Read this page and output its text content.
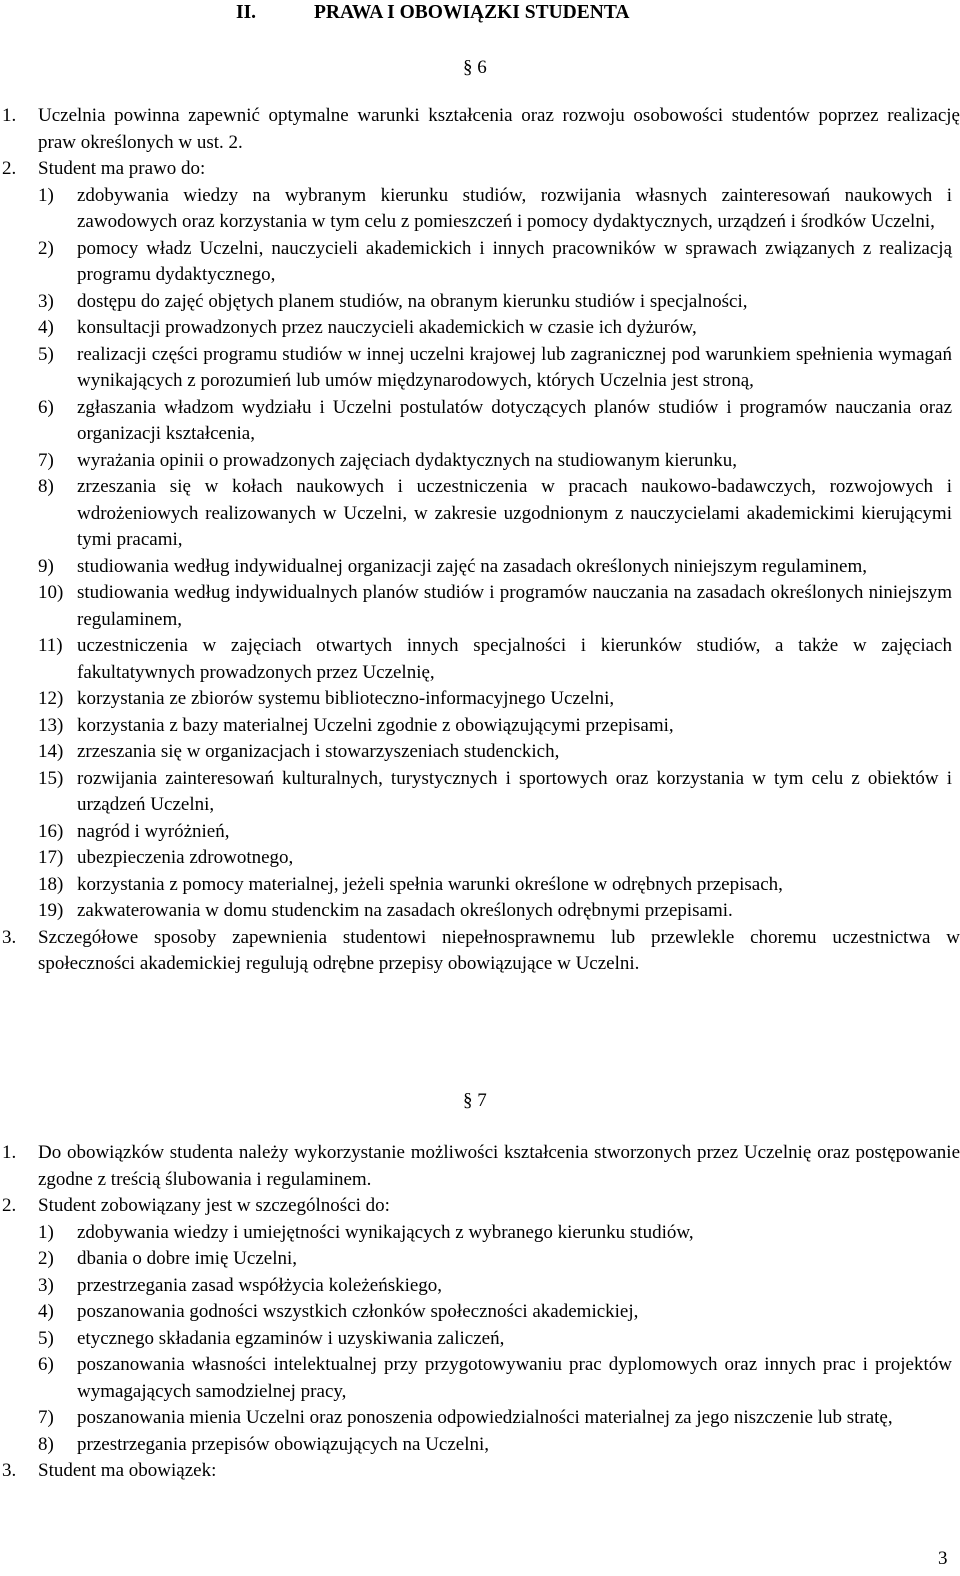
II.	PRAWA I OBOWIĄZKI STUDENTA
§ 6
1. Uczelnia powinna zapewnić optymalne warunki kształcenia oraz rozwoju osobowości studentów poprzez realizację praw określonych w ust. 2.
2. Student ma prawo do:
1) zdobywania wiedzy na wybranym kierunku studiów, rozwijania własnych zainteresowań naukowych i zawodowych oraz korzystania w tym celu z pomieszczeń i pomocy dydaktycznych, urządzeń i środków Uczelni,
2) pomocy władz Uczelni, nauczycieli akademickich i innych pracowników w sprawach związanych z realizacją programu dydaktycznego,
3) dostępu do zajęć objętych planem studiów, na obranym kierunku studiów i specjalności,
4) konsultacji prowadzonych przez nauczycieli akademickich w czasie ich dyżurów,
5) realizacji części programu studiów w innej uczelni krajowej lub zagranicznej pod warunkiem spełnienia wymagań wynikających z porozumień lub umów międzynarodowych, których Uczelnia jest stroną,
6) zgłaszania władzom wydziału i Uczelni postulatów dotyczących planów studiów i programów nauczania oraz organizacji kształcenia,
7) wyrażania opinii o prowadzonych zajęciach dydaktycznych na studiowanym kierunku,
8) zrzeszania się w kołach naukowych i uczestniczenia w pracach naukowo-badawczych, rozwojowych i wdrożeniowych realizowanych w Uczelni, w zakresie uzgodnionym z nauczycielami akademickimi kierującymi tymi pracami,
9) studiowania według indywidualnej organizacji zajęć na zasadach określonych niniejszym regulaminem,
10) studiowania według indywidualnych planów studiów i programów nauczania na zasadach określonych niniejszym regulaminem,
11) uczestniczenia w zajęciach otwartych innych specjalności i kierunków studiów, a także w zajęciach fakultatywnych prowadzonych przez Uczelnię,
12) korzystania ze zbiorów systemu biblioteczno-informacyjnego Uczelni,
13) korzystania z bazy materialnej Uczelni zgodnie z obowiązującymi przepisami,
14) zrzeszania się w organizacjach i stowarzyszeniach studenckich,
15) rozwijania zainteresowań kulturalnych, turystycznych i sportowych oraz korzystania w tym celu z obiektów i urządzeń Uczelni,
16) nagród i wyróżnień,
17) ubezpieczenia zdrowotnego,
18) korzystania z pomocy materialnej, jeżeli spełnia warunki określone w odrębnych przepisach,
19) zakwaterowania w domu studenckim na zasadach określonych odrębnymi przepisami.
3. Szczegółowe sposoby zapewnienia studentowi niepełnosprawnemu lub przewlekle choremu uczestnictwa w społeczności akademickiej regulują odrębne przepisy obowiązujące w Uczelni.
§ 7
1. Do obowiązków studenta należy wykorzystanie możliwości kształcenia stworzonych przez Uczelnię oraz postępowanie zgodne z treścią ślubowania i regulaminem.
2. Student zobowiązany jest w szczególności do:
1) zdobywania wiedzy i umiejętności wynikających z wybranego kierunku studiów,
2) dbania o dobre imię Uczelni,
3) przestrzegania zasad współżycia koleżeńskiego,
4) poszanowania godności wszystkich członków społeczności akademickiej,
5) etycznego składania egzaminów i uzyskiwania zaliczeń,
6) poszanowania własności intelektualnej przy przygotowywaniu prac dyplomowych oraz innych prac i projektów wymagających samodzielnej pracy,
7) poszanowania mienia Uczelni oraz ponoszenia odpowiedzialności materialnej za jego niszczenie lub stratę,
8) przestrzegania przepisów obowiązujących na Uczelni,
3. Student ma obowiązek:
3
